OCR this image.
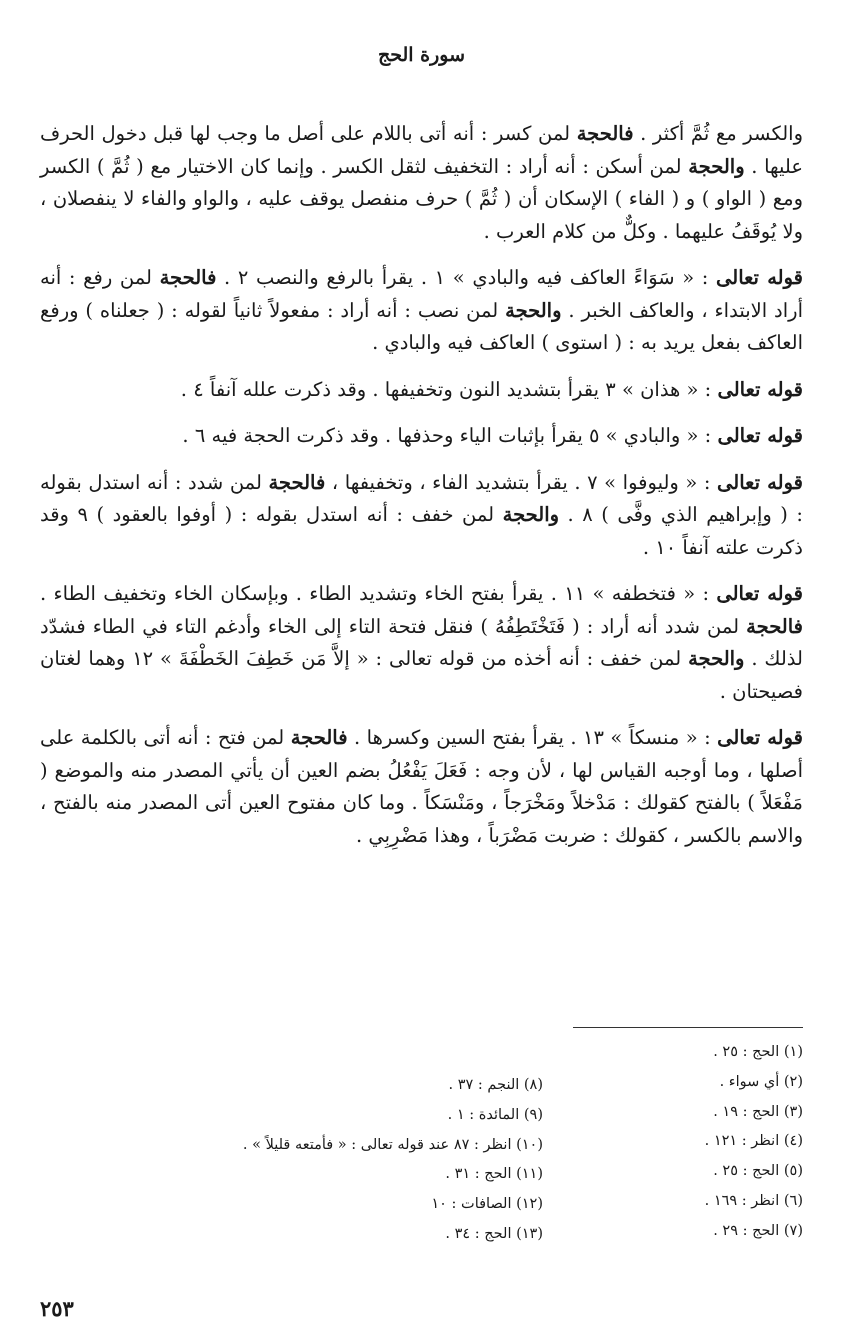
سورة الحج

والكسر مع ثُمَّ أكثر . فالحجة لمن كسر : أنه أتى باللام على أصل ما وجب لها قبل دخول الحرف عليها . والحجة لمن أسكن : أنه أراد : التخفيف لثقل الكسر . وإنما كان الاختيار مع ( ثُمَّ ) الكسر ومع ( الواو ) و ( الفاء ) الإسكان أن ( ثُمَّ ) حرف منفصل يوقف عليه ، والواو والفاء لا ينفصلان ، ولا يُوقَفُ عليهما . وكلٌّ من كلام العرب .

قوله تعالى : « سَوَاءً العاكف فيه والبادي » ١ . يقرأ بالرفع والنصب ٢ . فالحجة لمن رفع : أنه أراد الابتداء ، والعاكف الخبر . والحجة لمن نصب : أنه أراد : مفعولاً ثانياً لقوله : ( جعلناه ) ورفع العاكف بفعل يريد به : ( استوى ) العاكف فيه والبادي .

قوله تعالى : « هذان » ٣ يقرأ بتشديد النون وتخفيفها . وقد ذكرت علله آنفاً ٤ .

قوله تعالى : « والبادي » ٥ يقرأ بإثبات الياء وحذفها . وقد ذكرت الحجة فيه ٦ .

قوله تعالى : « وليوفوا » ٧ . يقرأ بتشديد الفاء ، وتخفيفها ، فالحجة لمن شدد : أنه استدل بقوله : ( وإبراهيم الذي وفَّى ) ٨ . والحجة لمن خفف : أنه استدل بقوله : ( أوفوا بالعقود ) ٩ وقد ذكرت علته آنفاً ١٠ .

قوله تعالى : « فتخطفه » ١١ . يقرأ بفتح الخاء وتشديد الطاء . وبإسكان الخاء وتخفيف الطاء . فالحجة لمن شدد أنه أراد : ( فَتَخْتَطِفُهُ ) فنقل فتحة التاء إلى الخاء وأدغم التاء في الطاء فشدّد لذلك . والحجة لمن خفف : أنه أخذه من قوله تعالى : « إلاَّ مَن خَطِفَ الخَطْفَةَ » ١٢ وهما لغتان فصيحتان .

قوله تعالى : « منسكاً » ١٣ . يقرأ بفتح السين وكسرها . فالحجة لمن فتح : أنه أتى بالكلمة على أصلها ، وما أوجبه القياس لها ، لأن وجه : فَعَلَ يَفْعُلُ بضم العين أن يأتي المصدر منه والموضع ( مَفْعَلاً ) بالفتح كقولك : مَدْخلاً ومَخْرَجاً ، ومَنْسَكاً . وما كان مفتوح العين أتى المصدر منه بالفتح ، والاسم بالكسر ، كقولك : ضربت مَضْرَباً ، وهذا مَضْرِبِي .

(١) الحج : ٢٥ .
(٢) أي سواء .
(٣) الحج : ١٩ .
(٤) انظر : ١٢١ .
(٥) الحج : ٢٥ .
(٦) انظر : ١٦٩ .
(٧) الحج : ٢٩ .
(٨) النجم : ٣٧ .
(٩) المائدة : ١ .
(١٠) انظر : ٨٧ عند قوله تعالى : « فأمتعه قليلاً » .
(١١) الحج : ٣١ .
(١٢) الصافات : ١٠
(١٣) الحج : ٣٤ .
٢٥٣
